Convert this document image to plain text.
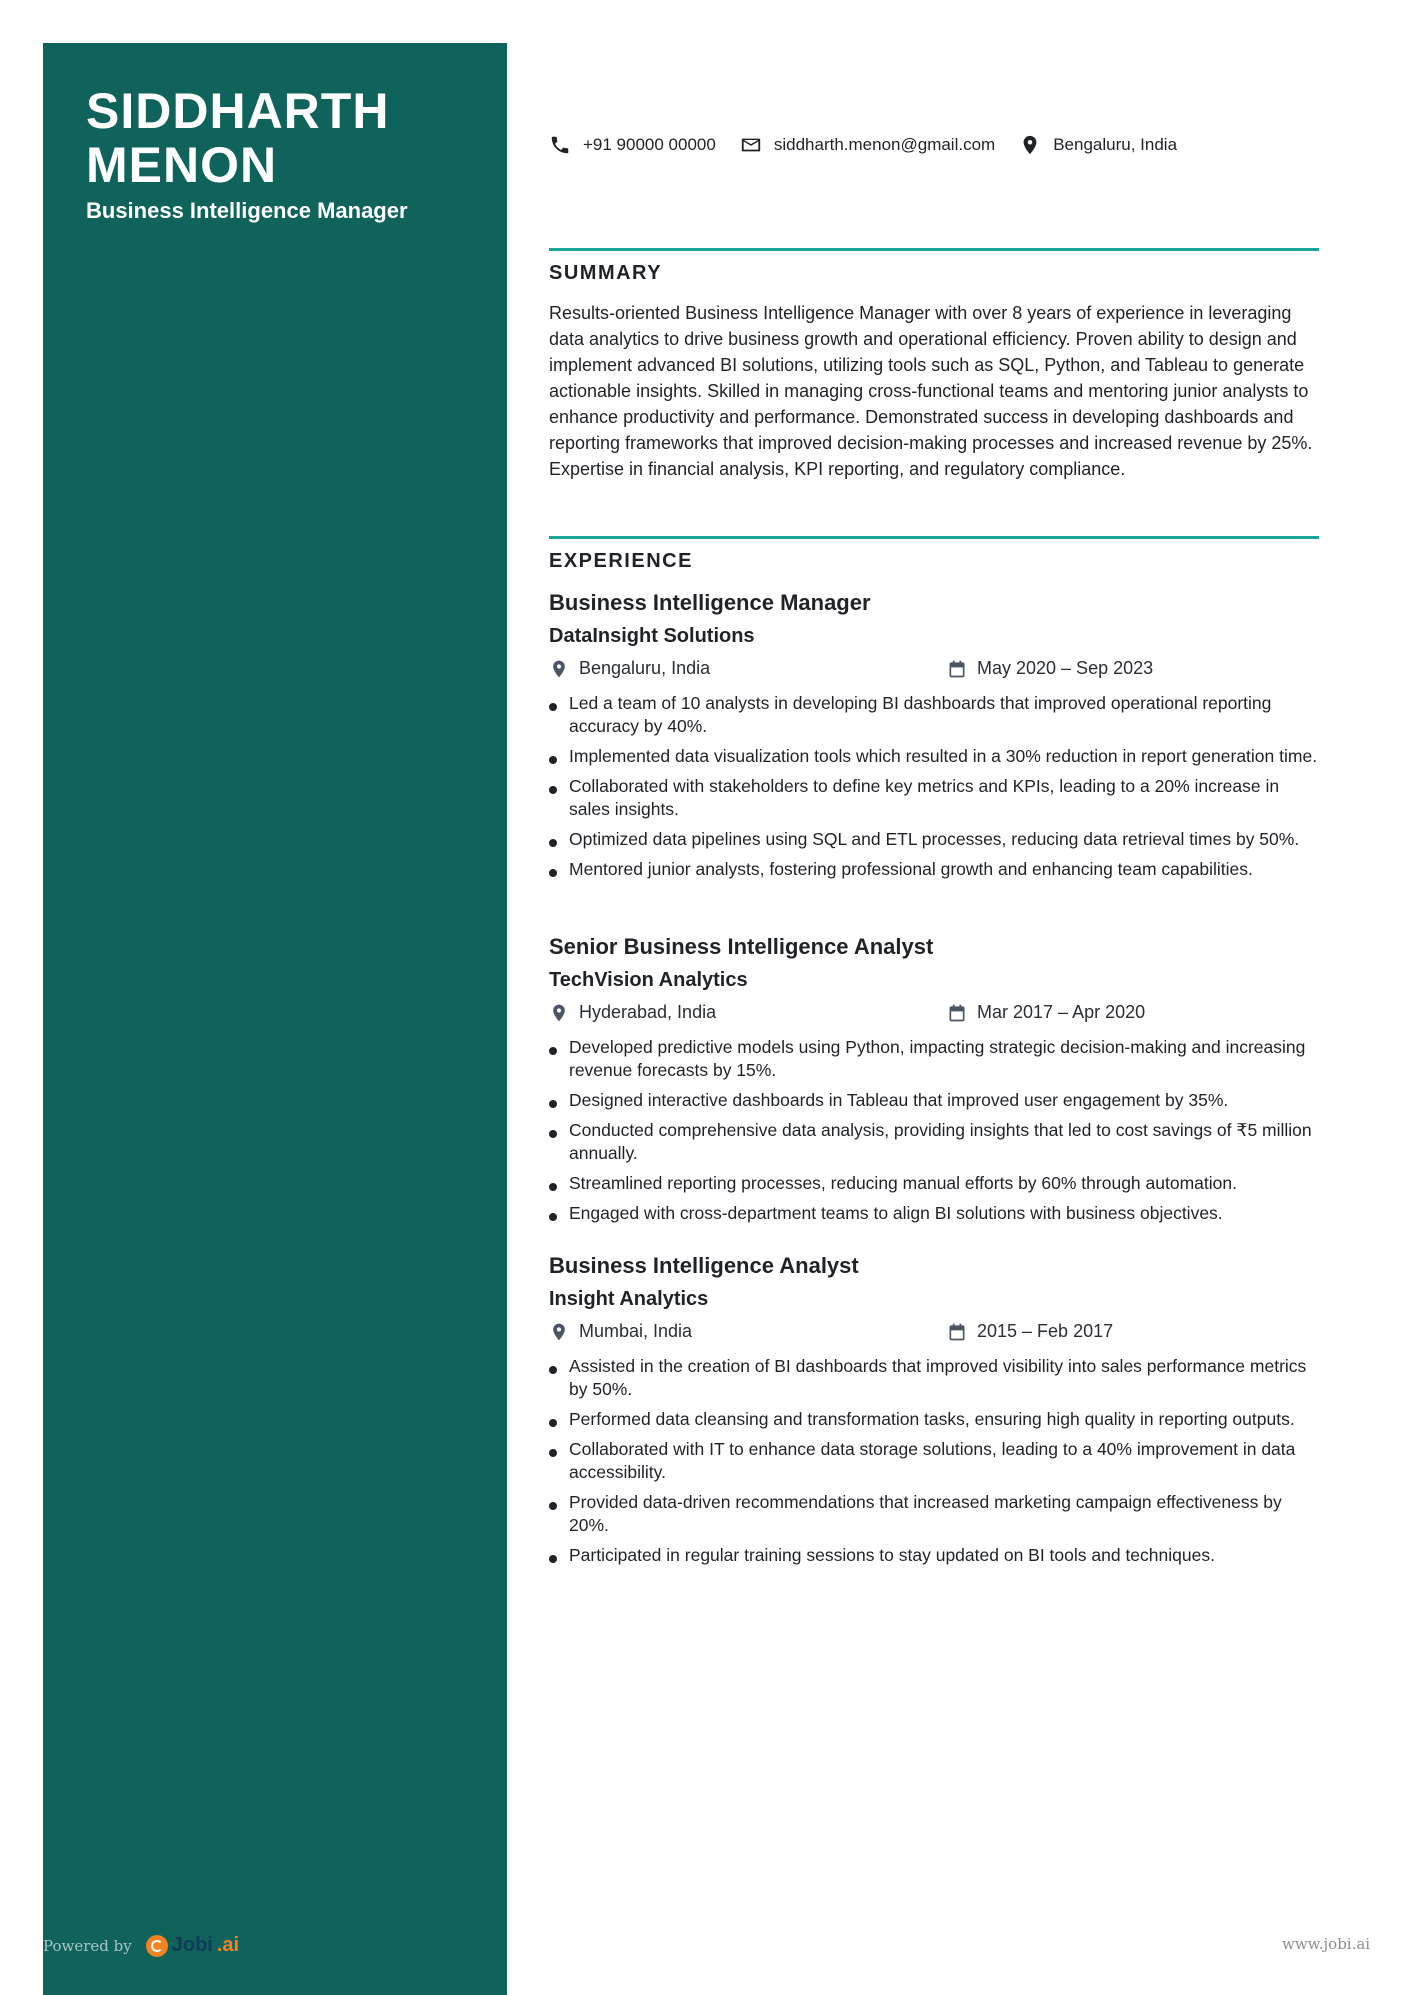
SIDDHARTH
MENON
Business Intelligence Manager
+91 90000 00000	siddharth.menon@gmail.com	Bengaluru, India
SUMMARY

Results-oriented Business Intelligence Manager with over 8 years of experience in leveraging data analytics to drive business growth and operational efficiency. Proven ability to design and implement advanced BI solutions, utilizing tools such as SQL, Python, and Tableau to generate actionable insights. Skilled in managing cross-functional teams and mentoring junior analysts to enhance productivity and performance. Demonstrated success in developing dashboards and reporting frameworks that improved decision-making processes and increased revenue by 25%. Expertise in financial analysis, KPI reporting, and regulatory compliance.

EXPERIENCE
Business Intelligence Manager
DataInsight Solutions
Bengaluru, India	May 2020 – Sep 2023
Led a team of 10 analysts in developing BI dashboards that improved operational reporting accuracy by 40%.
Implemented data visualization tools which resulted in a 30% reduction in report generation time.
Collaborated with stakeholders to define key metrics and KPIs, leading to a 20% increase in sales insights.
Optimized data pipelines using SQL and ETL processes, reducing data retrieval times by 50%.
Mentored junior analysts, fostering professional growth and enhancing team capabilities.
Senior Business Intelligence Analyst
TechVision Analytics
Hyderabad, India	Mar 2017 – Apr 2020
Developed predictive models using Python, impacting strategic decision-making and increasing revenue forecasts by 15%.
Designed interactive dashboards in Tableau that improved user engagement by 35%.
Conducted comprehensive data analysis, providing insights that led to cost savings of ₹5 million annually.
Streamlined reporting processes, reducing manual efforts by 60% through automation.
Engaged with cross-department teams to align BI solutions with business objectives.
Business Intelligence Analyst
Insight Analytics
Mumbai, India	2015 – Feb 2017
Assisted in the creation of BI dashboards that improved visibility into sales performance metrics by 50%.
Performed data cleansing and transformation tasks, ensuring high quality in reporting outputs.
Collaborated with IT to enhance data storage solutions, leading to a 40% improvement in data accessibility.
Provided data-driven recommendations that increased marketing campaign effectiveness by 20%.
Participated in regular training sessions to stay updated on BI tools and techniques.
Powered by Jobi .ai	www.jobi.ai
